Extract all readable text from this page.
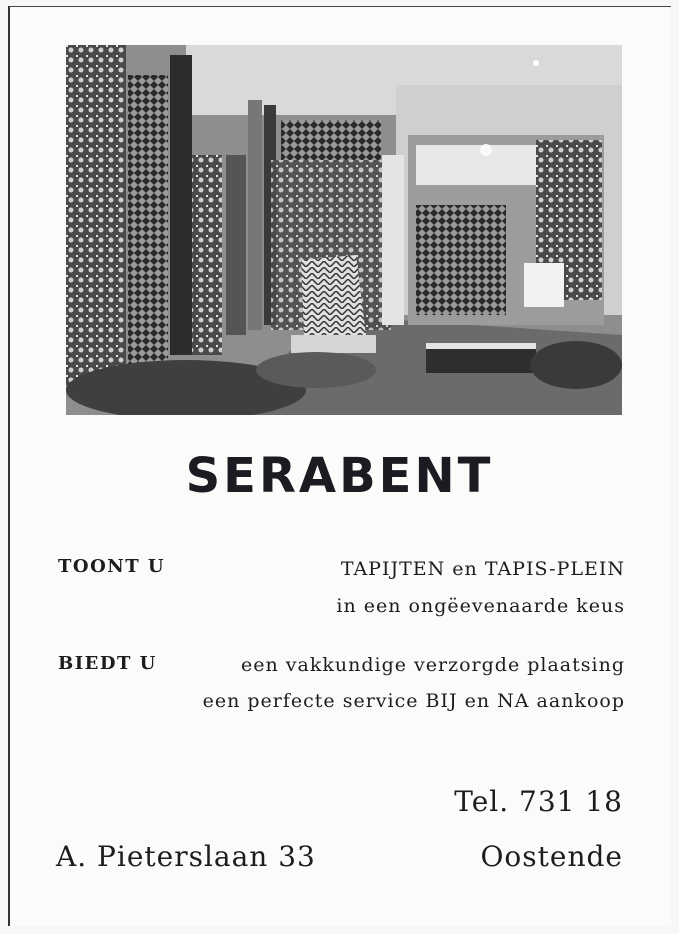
SERABENT
TOONT U	TAPIJTEN en TAPIS-PLEIN
in een ongëevenaarde keus
BIEDT U	een vakkundige verzorgde plaatsing
een perfecte service BIJ en NA aankoop
Tel. 731 18
A. Pieterslaan 33	Oostende
